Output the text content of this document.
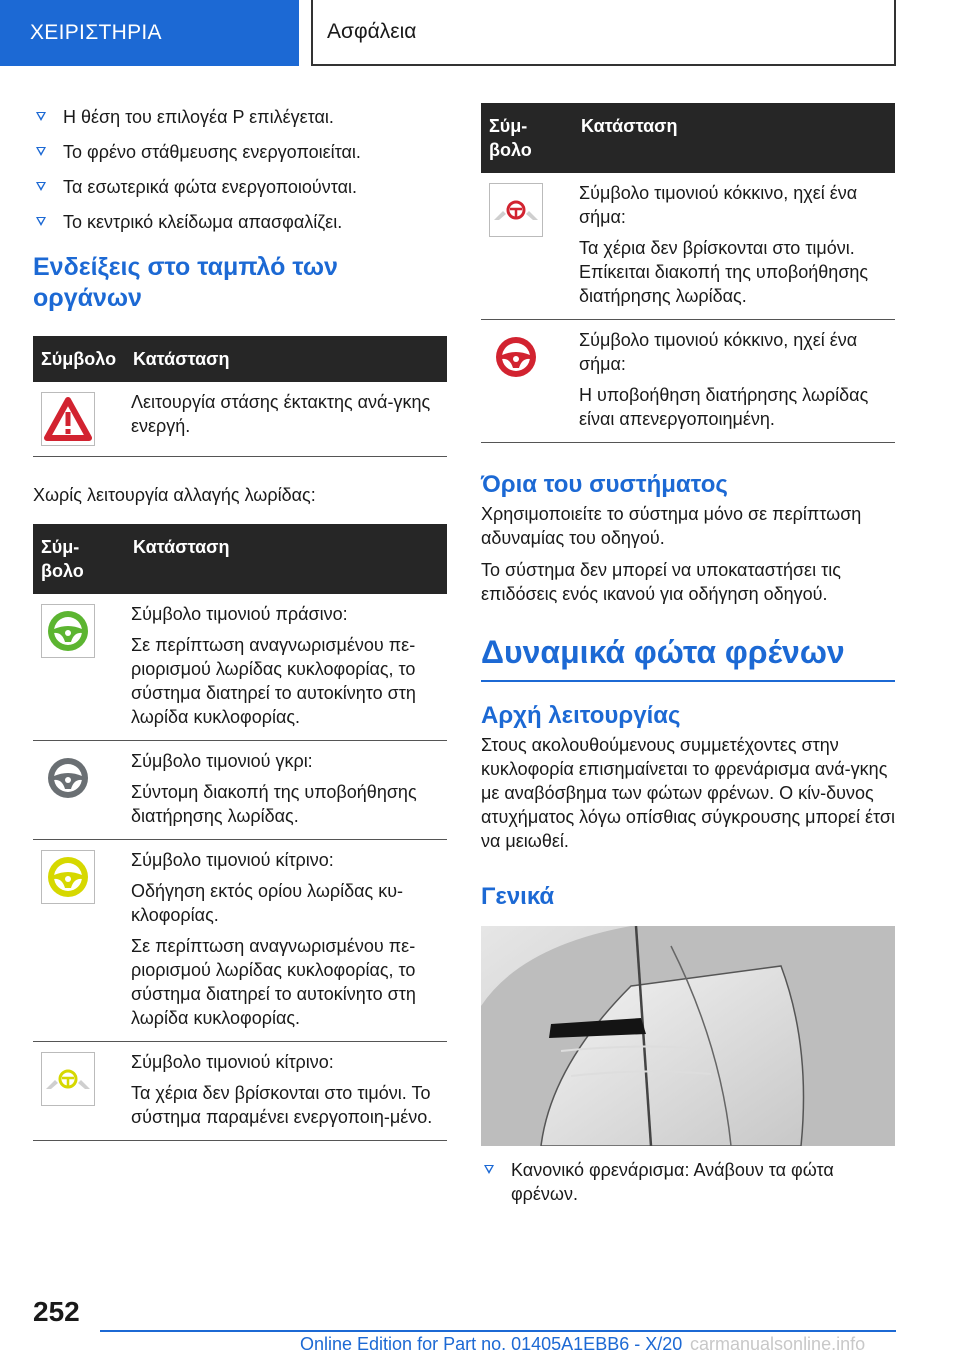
ΧΕΙΡΙΣΤΗΡΙΑ	Ασφάλεια
Η θέση του επιλογέα P επιλέγεται.
Το φρένο στάθμευσης ενεργοποιείται.
Τα εσωτερικά φώτα ενεργοποιούνται.
Το κεντρικό κλείδωμα απασφαλίζει.
Ενδείξεις στο ταμπλό των οργάνων
Σύμβολο	Κατάσταση

Λειτουργία στάσης έκτακτης ανά-γκης ενεργή.
Χωρίς λειτουργία αλλαγής λωρίδας:
Σύμ-βολο	Κατάσταση

Σύμβολο τιμονιού πράσινο:
Σε περίπτωση αναγνωρισμένου πε-ριορισμού λωρίδας κυκλοφορίας, το σύστημα διατηρεί το αυτοκίνητο στη λωρίδα κυκλοφορίας.

Σύμβολο τιμονιού γκρι:
Σύντομη διακοπή της υποβοήθησης διατήρησης λωρίδας.

Σύμβολο τιμονιού κίτρινο:
Οδήγηση εκτός ορίου λωρίδας κυ-κλοφορίας.
Σε περίπτωση αναγνωρισμένου πε-ριορισμού λωρίδας κυκλοφορίας, το σύστημα διατηρεί το αυτοκίνητο στη λωρίδα κυκλοφορίας.

Σύμβολο τιμονιού κίτρινο:
Τα χέρια δεν βρίσκονται στο τιμόνι. Το σύστημα παραμένει ενεργοποιη-μένο.
Σύμ-βολο	Κατάσταση

Σύμβολο τιμονιού κόκκινο, ηχεί ένα σήμα:
Τα χέρια δεν βρίσκονται στο τιμόνι. Επίκειται διακοπή της υποβοήθησης διατήρησης λωρίδας.

Σύμβολο τιμονιού κόκκινο, ηχεί ένα σήμα:
Η υποβοήθηση διατήρησης λωρίδας είναι απενεργοποιημένη.
Όρια του συστήματος
Χρησιμοποιείτε το σύστημα μόνο σε περίπτωση αδυναμίας του οδηγού.
Το σύστημα δεν μπορεί να υποκαταστήσει τις επιδόσεις ενός ικανού για οδήγηση οδηγού.
Δυναμικά φώτα φρένων
Αρχή λειτουργίας
Στους ακολουθούμενους συμμετέχοντες στην κυκλοφορία επισημαίνεται το φρενάρισμα ανά-γκης με αναβόσβημα των φώτων φρένων. Ο κίν-δυνος ατυχήματος λόγω οπίσθιας σύγκρουσης μπορεί έτσι να μειωθεί.
Γενικά
Κανονικό φρενάρισμα: Ανάβουν τα φώτα φρένων.
252
Online Edition for Part no. 01405A1EBB6 - X/20 carmanualsonline.info
